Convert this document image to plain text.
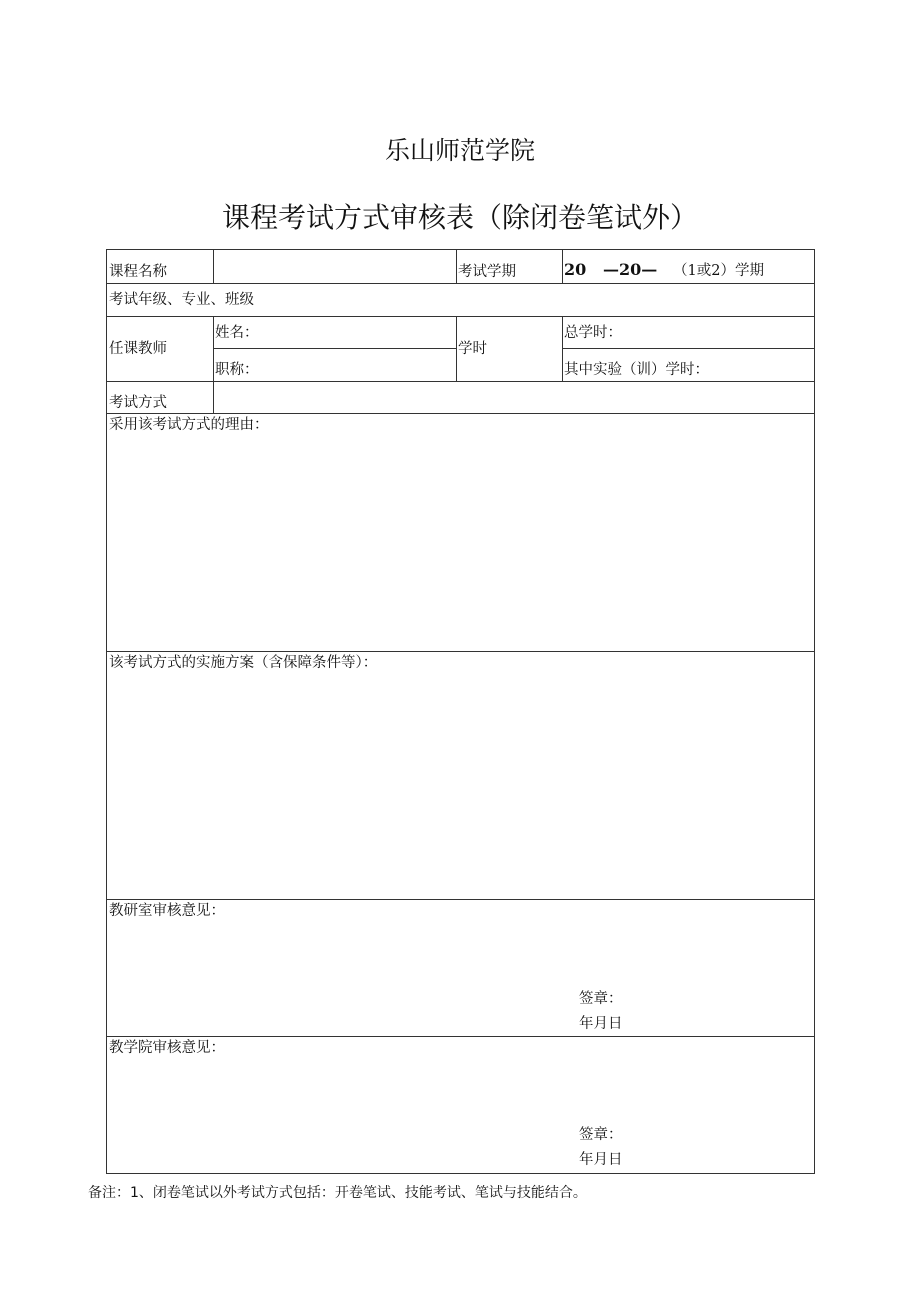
乐山师范学院
课程考试方式审核表（除闭卷笔试外）
课程名称	考试学期	20 —20— （1或2）学期
考试年级、专业、班级
任课教师
姓名：
职称：
学时
总学时：
其中实验（训）学时：
考试方式
采用该考试方式的理由：
该考试方式的实施方案（含保障条件等）：
教研室审核意见：
签章：
年月日
教学院审核意见：
签章：
年月日
备注：1、闭卷笔试以外考试方式包括：开卷笔试、技能考试、笔试与技能结合。
